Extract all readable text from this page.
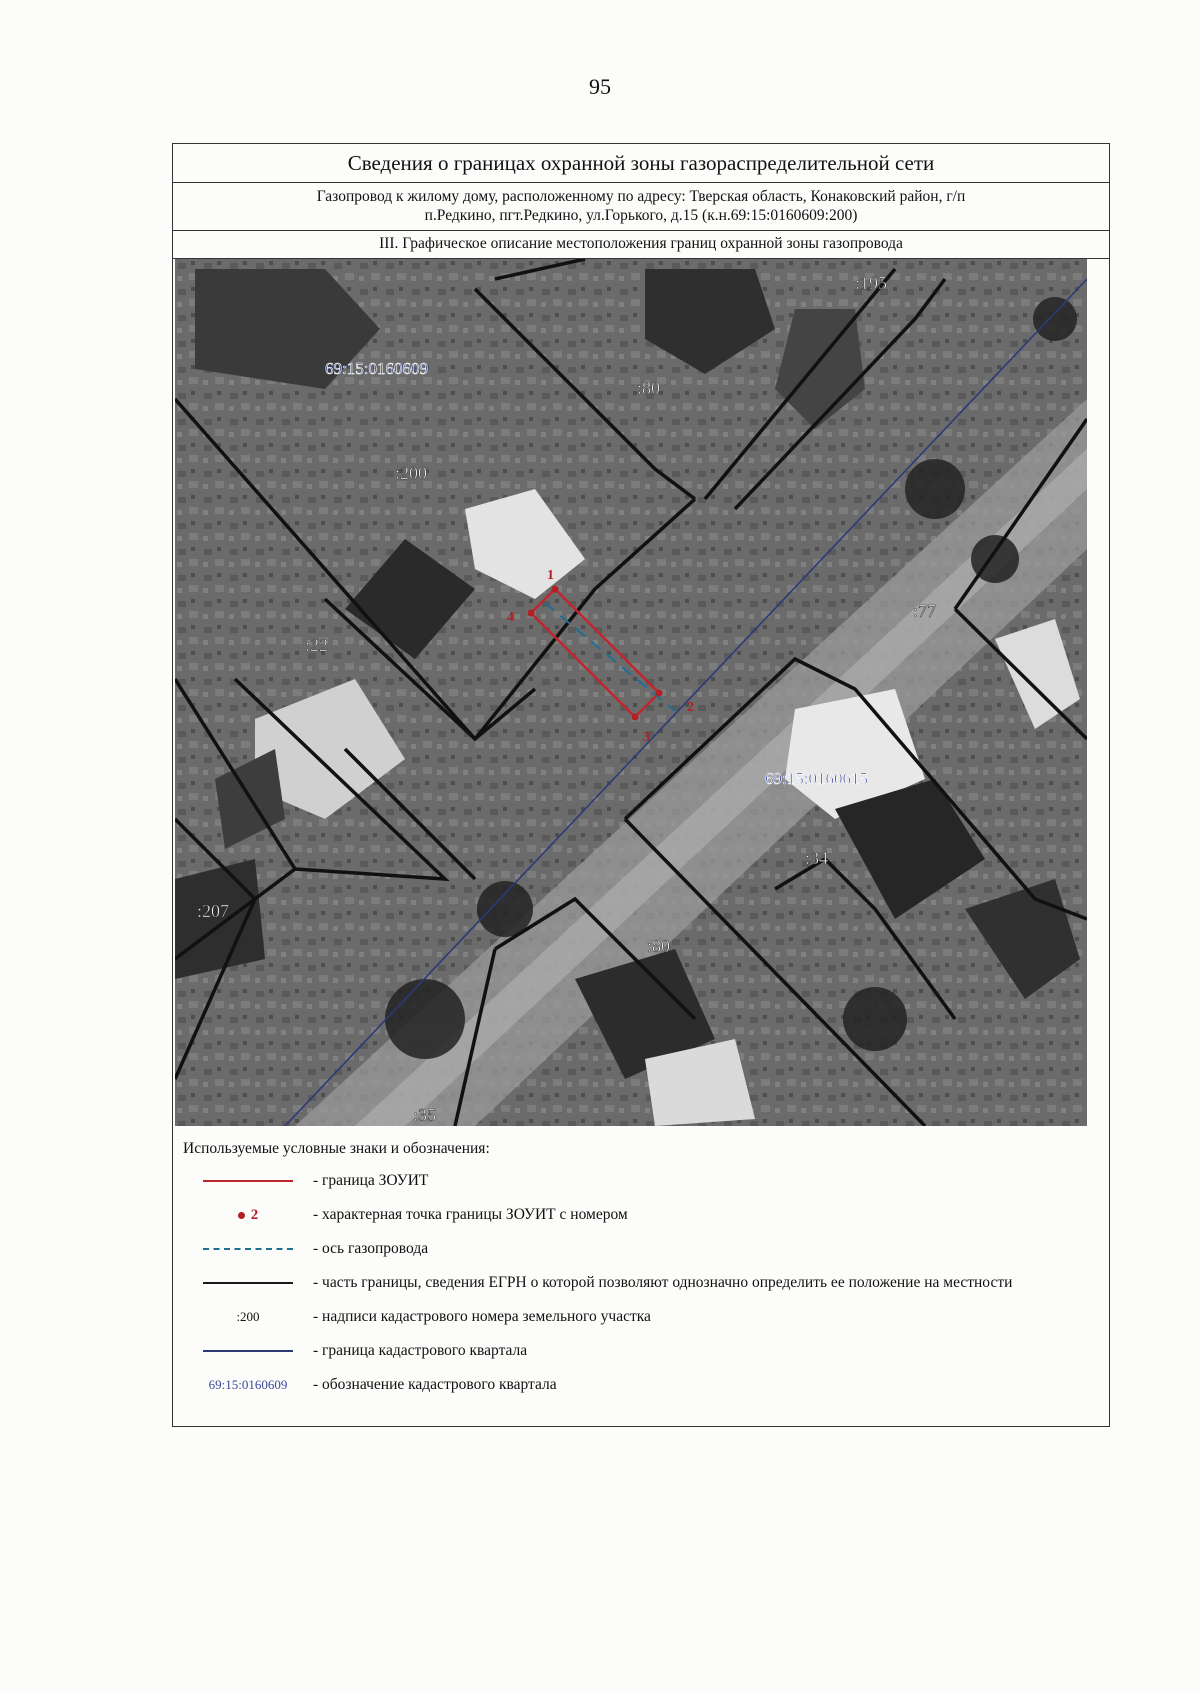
95
Сведения о границах охранной зоны газораспределительной сети
Газопровод к жилому дому, расположенному по адресу: Тверская область, Конаковский район, г/п
п.Редкино, пгт.Редкино, ул.Горького, д.15 (к.н.69:15:0160609:200)
III. Графическое описание местоположения границ охранной зоны газопровода
1
2
3
4
69:15:0160609
69:15:0160615
:195
:80
:200
:22
:77
:34
:207
:80
:35
Используемые условные знаки и обозначения:
- граница ЗОУИТ
2	- характерная точка границы ЗОУИТ с номером
- ось газопровода
- часть границы, сведения ЕГРН о которой позволяют однозначно определить ее положение на местности
:200	- надписи кадастрового номера земельного участка
- граница кадастрового квартала
69:15:0160609	- обозначение кадастрового квартала
